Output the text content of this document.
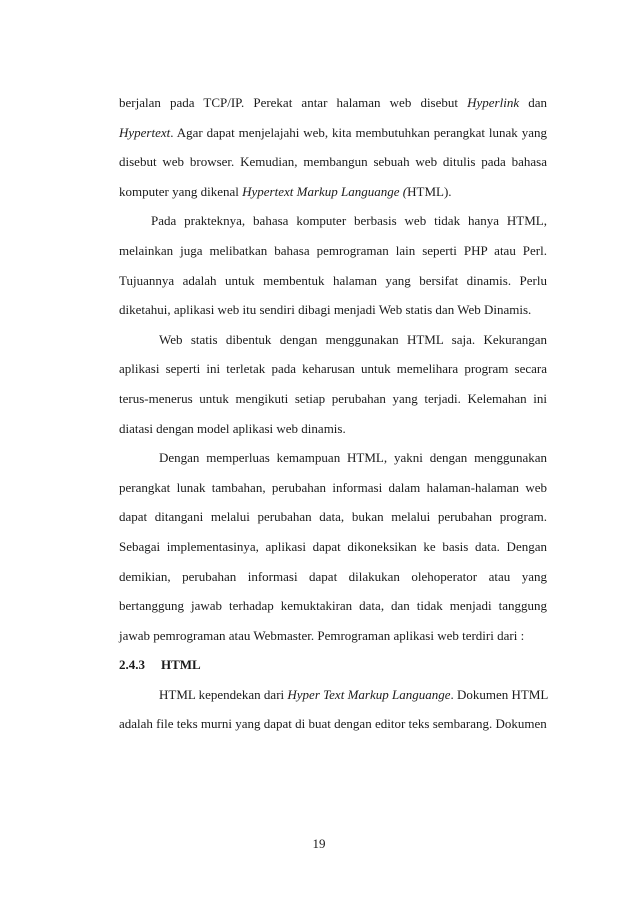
berjalan pada TCP/IP. Perekat antar halaman web disebut Hyperlink dan
Hypertext. Agar dapat menjelajahi web, kita membutuhkan perangkat lunak yang
disebut web browser. Kemudian, membangun sebuah web ditulis pada bahasa
komputer yang dikenal Hypertext Markup Languange (HTML).
Pada prakteknya, bahasa komputer berbasis web tidak hanya HTML,
melainkan juga melibatkan bahasa pemrograman lain seperti PHP atau Perl.
Tujuannya adalah untuk membentuk halaman yang bersifat dinamis. Perlu
diketahui, aplikasi web itu sendiri dibagi menjadi Web statis dan Web Dinamis.
Web statis dibentuk dengan menggunakan HTML saja. Kekurangan
aplikasi seperti ini terletak pada keharusan untuk memelihara program secara
terus-menerus untuk mengikuti setiap perubahan yang terjadi. Kelemahan ini
diatasi dengan model aplikasi web dinamis.
Dengan memperluas kemampuan HTML, yakni dengan menggunakan
perangkat lunak tambahan, perubahan informasi dalam halaman-halaman web
dapat ditangani melalui perubahan data, bukan melalui perubahan program.
Sebagai implementasinya, aplikasi dapat dikoneksikan ke basis data. Dengan
demikian, perubahan informasi dapat dilakukan olehoperator atau yang
bertanggung jawab terhadap kemuktakiran data, dan tidak menjadi tanggung
jawab pemrograman atau Webmaster. Pemrograman aplikasi web terdiri dari :
2.4.3 HTML
HTML kependekan dari Hyper Text Markup Languange. Dokumen HTML
adalah file teks murni yang dapat di buat dengan editor teks sembarang. Dokumen
19
